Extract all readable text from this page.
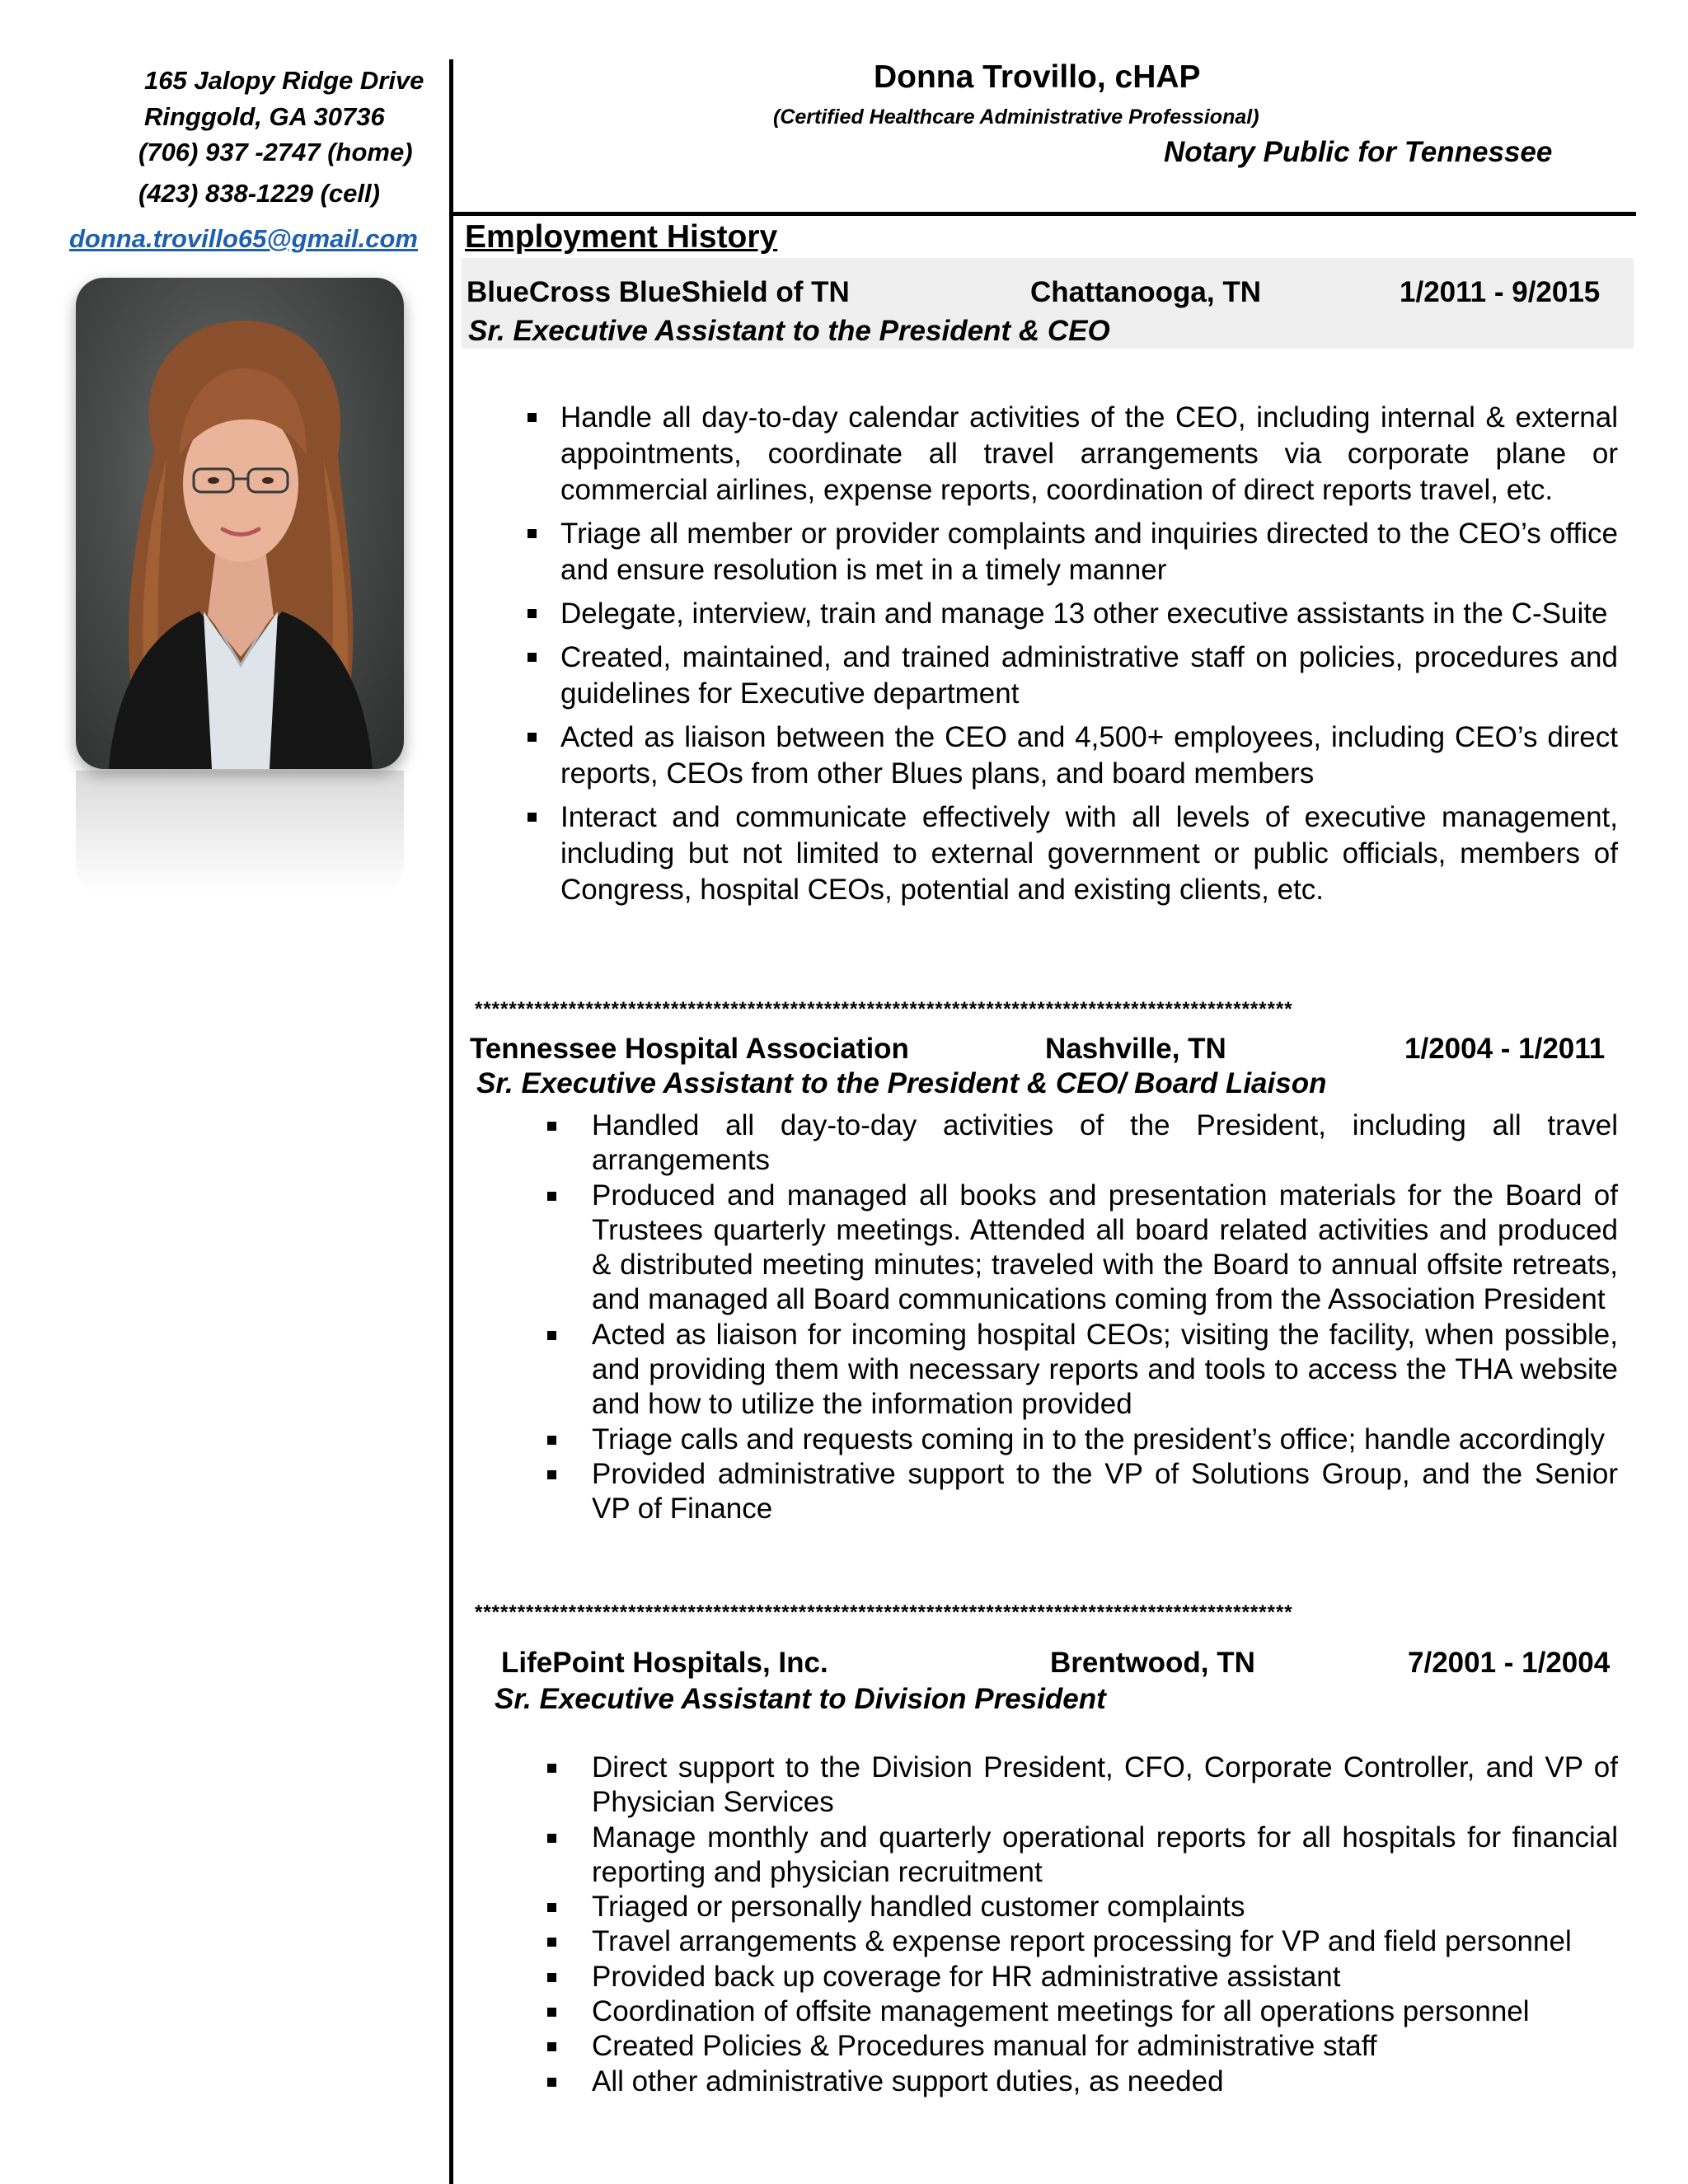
165 Jalopy Ridge Drive
Ringgold, GA 30736
(706) 937 -2747 (home)
(423) 838-1229 (cell)
donna.trovillo65@gmail.com
Donna Trovillo, cHAP
(Certified Healthcare Administrative Professional)
Notary Public for Tennessee
Employment History
BlueCross BlueShield of TN	Chattanooga, TN	1/2011 - 9/2015
Sr. Executive Assistant to the President & CEO
Handle all day-to-day calendar activities of the CEO, including internal & external appointments, coordinate all travel arrangements via corporate plane or commercial airlines, expense reports, coordination of direct reports travel, etc.
Triage all member or provider complaints and inquiries directed to the CEO’s office and ensure resolution is met in a timely manner
Delegate, interview, train and manage 13 other executive assistants in the C-Suite
Created, maintained, and trained administrative staff on policies, procedures and guidelines for Executive department
Acted as liaison between the CEO and 4,500+ employees, including CEO’s direct reports, CEOs from other Blues plans, and board members
Interact and communicate effectively with all levels of executive management, including but not limited to external government or public officials, members of Congress, hospital CEOs, potential and existing clients, etc.
************************************************************************************************
Tennessee Hospital Association	Nashville, TN	1/2004 - 1/2011
Sr. Executive Assistant to the President & CEO/ Board Liaison
Handled all day-to-day activities of the President, including all travel arrangements
Produced and managed all books and presentation materials for the Board of Trustees quarterly meetings. Attended all board related activities and produced & distributed meeting minutes; traveled with the Board to annual offsite retreats, and managed all Board communications coming from the Association President
Acted as liaison for incoming hospital CEOs; visiting the facility, when possible, and providing them with necessary reports and tools to access the THA website and how to utilize the information provided
Triage calls and requests coming in to the president’s office; handle accordingly
Provided administrative support to the VP of Solutions Group, and the Senior VP of Finance
************************************************************************************************
LifePoint Hospitals, Inc.	Brentwood, TN	7/2001 - 1/2004
Sr. Executive Assistant to Division President
Direct support to the Division President, CFO, Corporate Controller, and VP of Physician Services
Manage monthly and quarterly operational reports for all hospitals for financial reporting and physician recruitment
Triaged or personally handled customer complaints
Travel arrangements & expense report processing for VP and field personnel
Provided back up coverage for HR administrative assistant
Coordination of offsite management meetings for all operations personnel
Created Policies & Procedures manual for administrative staff
All other administrative support duties, as needed
